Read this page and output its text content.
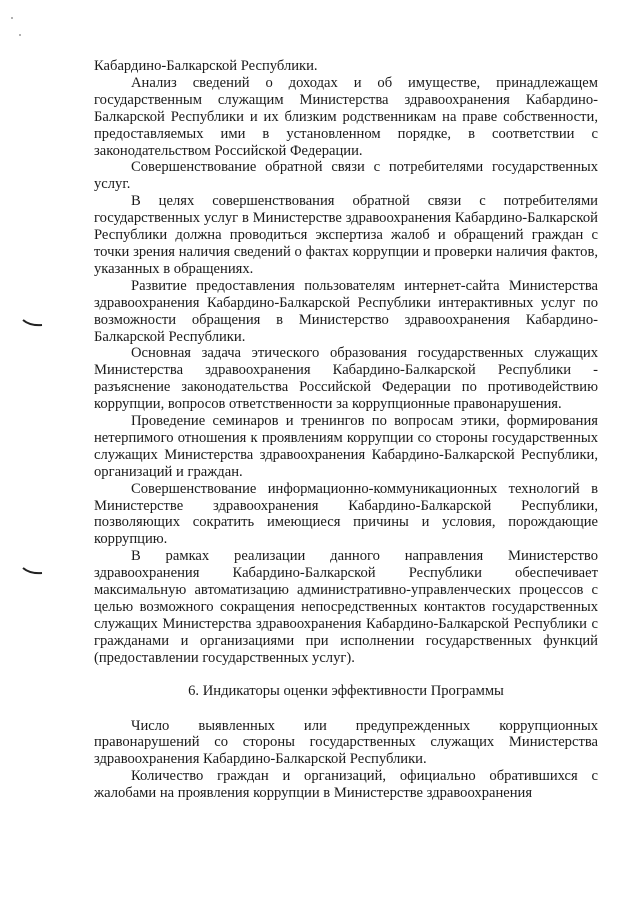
Кабардино-Балкарской Республики.

Анализ сведений о доходах и об имуществе, принадлежащем государственным служащим Министерства здравоохранения Кабардино-Балкарской Республики и их близким родственникам на праве собственности, предоставляемых ими в установленном порядке, в соответствии с законодательством Российской Федерации.

Совершенствование обратной связи с потребителями государственных услуг.

В целях совершенствования обратной связи с потребителями государственных услуг в Министерстве здравоохранения Кабардино-Балкарской Республики должна проводиться экспертиза жалоб и обращений граждан с точки зрения наличия сведений о фактах коррупции и проверки наличия фактов, указанных в обращениях.

Развитие предоставления пользователям интернет-сайта Министерства здравоохранения Кабардино-Балкарской Республики интерактивных услуг по возможности обращения в Министерство здравоохранения Кабардино-Балкарской Республики.

Основная задача этического образования государственных служащих Министерства здравоохранения Кабардино-Балкарской Республики - разъяснение законодательства Российской Федерации по противодействию коррупции, вопросов ответственности за коррупционные правонарушения.

Проведение семинаров и тренингов по вопросам этики, формирования нетерпимого отношения к проявлениям коррупции со стороны государственных служащих Министерства здравоохранения Кабардино-Балкарской Республики, организаций и граждан.

Совершенствование информационно-коммуникационных технологий в Министерстве здравоохранения Кабардино-Балкарской Республики, позволяющих сократить имеющиеся причины и условия, порождающие коррупцию.

В рамках реализации данного направления Министерство здравоохранения Кабардино-Балкарской Республики обеспечивает максимальную автоматизацию административно-управленческих процессов с целью возможного сокращения непосредственных контактов государственных служащих Министерства здравоохранения Кабардино-Балкарской Республики с гражданами и организациями при исполнении государственных функций (предоставлении государственных услуг).

6. Индикаторы оценки эффективности Программы

Число выявленных или предупрежденных коррупционных правонарушений со стороны государственных служащих Министерства здравоохранения Кабардино-Балкарской Республики.

Количество граждан и организаций, официально обратившихся с жалобами на проявления коррупции в Министерстве здравоохранения
